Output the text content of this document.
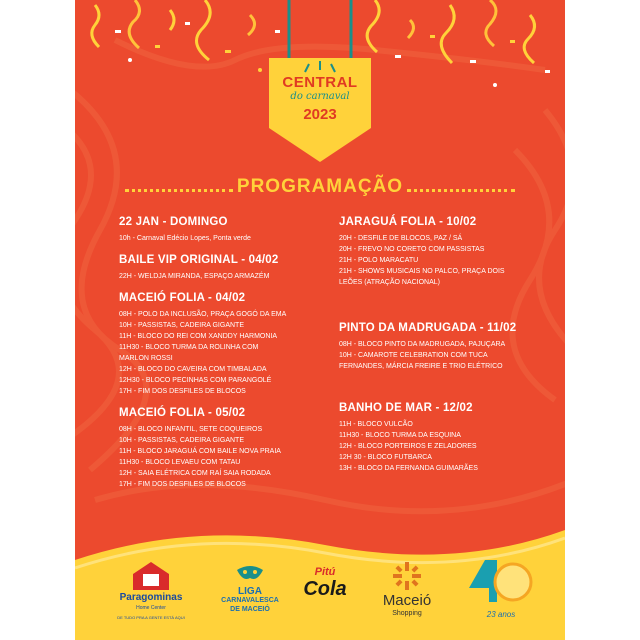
CENTRAL
do carnaval
2023
PROGRAMAÇÃO
22 JAN - DOMINGO
10h - Carnaval Edécio Lopes, Ponta verde
BAILE VIP ORIGINAL - 04/02
22H - WELDJA MIRANDA, ESPAÇO ARMAZÉM
MACEIÓ FOLIA - 04/02
08H - POLO DA INCLUSÃO, PRAÇA GOGÓ DA EMA
10H - PASSISTAS, CADEIRA GIGANTE
11H - BLOCO DO REI COM XANDDY HARMONIA
11H30 - BLOCO TURMA DA ROLINHA COM
MARLON ROSSI
12H - BLOCO DO CAVEIRA COM TIMBALADA
12H30 - BLOCO PECINHAS COM PARANGOLÉ
17H - FIM DOS DESFILES DE BLOCOS
MACEIÓ FOLIA - 05/02
08H - BLOCO INFANTIL, SETE COQUEIROS
10H - PASSISTAS, CADEIRA GIGANTE
11H - BLOCO JARAGUÁ COM BAILE NOVA PRAIA
11H30 - BLOCO LEVAEU COM TATAU
12H - SAIA ELÉTRICA COM RAÍ SAIA RODADA
17H - FIM DOS DESFILES DE BLOCOS
JARAGUÁ FOLIA - 10/02
20H - DESFILE DE BLOCOS, PAZ / SÁ
20H - FREVO NO CORETO COM PASSISTAS
21H - POLO MARACATU
21H - SHOWS MUSICAIS NO PALCO, PRAÇA DOIS
LEÕES (ATRAÇÃO NACIONAL)
PINTO DA MADRUGADA - 11/02
08H - BLOCO PINTO DA MADRUGADA, PAJUÇARA
10H - CAMAROTE CELEBRATION COM TUCA
FERNANDES, MÁRCIA FREIRE E TRIO ELÉTRICO
BANHO DE MAR - 12/02
11H - BLOCO VULCÃO
11H30 - BLOCO TURMA DA ESQUINA
12H - BLOCO PORTEIROS E ZELADORES
12H 30 - BLOCO FUTBARCA
13H - BLOCO DA FERNANDA GUIMARÃES
Paragominas
Home Center
DE TUDO PRA A GENTE ESTÁ AQUI
LIGA
CARNAVALESCA
DE MACEIÓ
Pitú
Cola
Maceió
Shopping	23 anos
